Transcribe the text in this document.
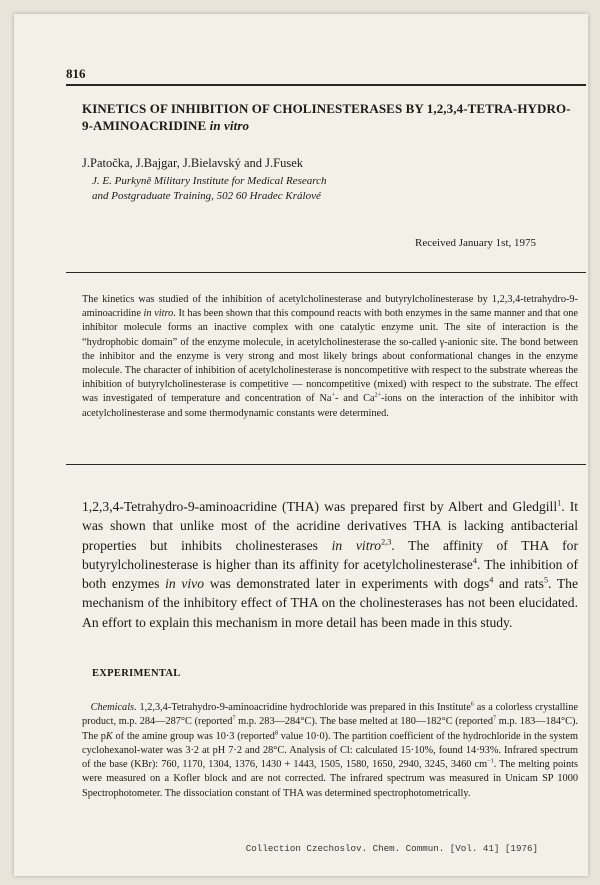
816
KINETICS OF INHIBITION OF CHOLINESTERASES BY 1,2,3,4-TETRA-HYDRO-9-AMINOACRIDINE in vitro
J.Patočka, J.Bajgar, J.Bielavský and J.Fusek
J. E. Purkyně Military Institute for Medical Research
and Postgraduate Training, 502 60 Hradec Králové
Received January 1st, 1975

The kinetics was studied of the inhibition of acetylcholinesterase and butyrylcholinesterase by 1,2,3,4-tetrahydro-9-aminoacridine in vitro. It has been shown that this compound reacts with both enzymes in the same manner and that one inhibitor molecule forms an inactive complex with one catalytic enzyme unit. The site of interaction is the “hydrophobic domain” of the enzyme molecule, in acetylcholinesterase the so-called γ-anionic site. The bond between the inhibitor and the enzyme is very strong and most likely brings about conformational changes in the enzyme molecule. The character of inhibition of acetylcholinesterase is noncompetitive with respect to the substrate whereas the inhibition of butyrylcholinesterase is competitive — noncompetitive (mixed) with respect to the substrate. The effect was investigated of temperature and concentration of Na+- and $Ca^{2+}$-ions on the interaction of the inhibitor with acetylcholinesterase and some thermodynamic constants were determined.

1,2,3,4-Tetrahydro-9-aminoacridine (THA) was prepared first by Albert and Gledgill$^1$. It was shown that unlike most of the acridine derivatives THA is lacking antibacterial properties but inhibits cholinesterases in vitro$^{2,3}$. The affinity of THA for butyrylcholinesterase is higher than its affinity for acetylcholinesterase$^4$. The inhibition of both enzymes in vivo was demonstrated later in experiments with dogs$^4$ and rats$^5$. The mechanism of the inhibitory effect of THA on the cholinesterases has not been elucidated. An effort to explain this mechanism in more detail has been made in this study.

EXPERIMENTAL

Chemicals. 1,2,3,4-Tetrahydro-9-aminoacridine hydrochloride was prepared in this Institute$^6$ as a colorless crystalline product, m.p. 284—287°C (reported$^7$ m.p. 283—284°C). The base melted at 180—182°C (reported$^7$ m.p. 183—184°C). The pK of the amine group was 10·3 (reported$^8$ value 10·0). The partition coefficient of the hydrochloride in the system cyclohexanol-water was 3·2 at pH 7·2 and 28°C. Analysis of Cl: calculated 15·10%, found 14·93%. Infrared spectrum of the base (KBr): 760, 1170, 1304, 1376, 1430 + 1443, 1505, 1580, 1650, 2940, 3245, 3460 $cm^{-1}$. The melting points were measured on a Kofler block and are not corrected. The infrared spectrum was measured in Unicam SP 1000 Spectrophotometer. The dissociation constant of THA was determined spectrophotometrically.

Collection Czechoslov. Chem. Commun. [Vol. 41] [1976]
